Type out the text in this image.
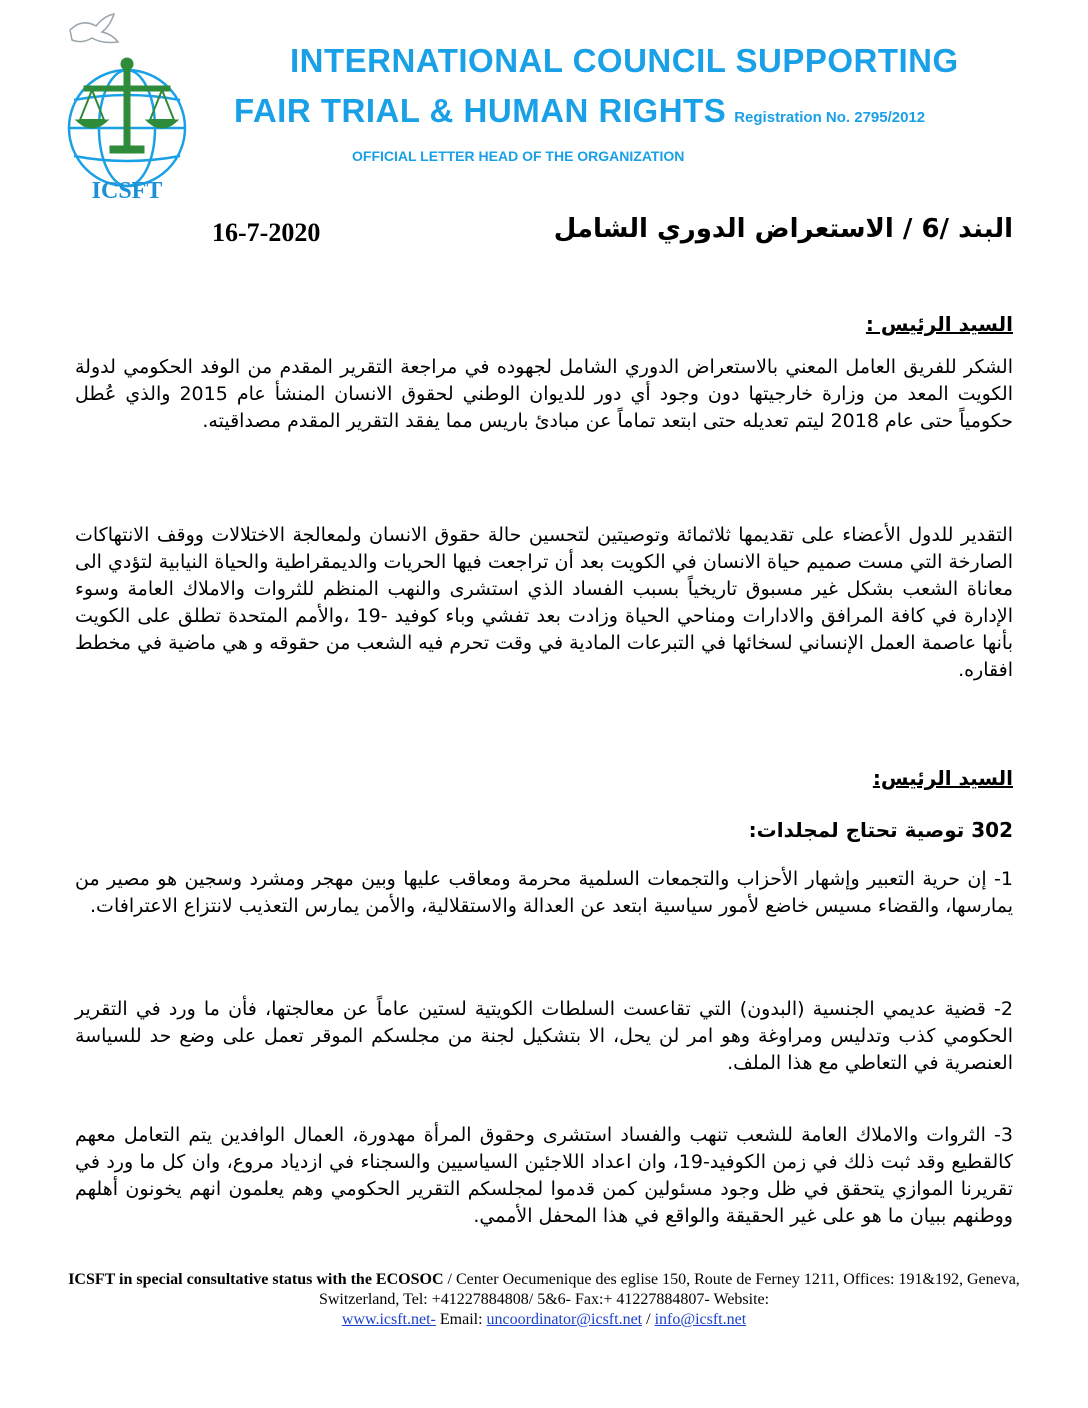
ICSFT
INTERNATIONAL COUNCIL SUPPORTING
FAIR TRIAL & HUMAN RIGHTS Registration No. 2795/2012
OFFICIAL LETTER HEAD OF THE ORGANIZATION
16-7-2020	البند /6 / الاستعراض الدوري الشامل
السيد الرئيس :
الشكر للفريق العامل المعني بالاستعراض الدوري الشامل لجهوده في مراجعة التقرير المقدم من الوفد الحكومي لدولة الكويت المعد من وزارة خارجيتها دون وجود أي دور للديوان الوطني لحقوق الانسان المنشأ عام 2015 والذي عُطل حكومياً حتى عام 2018 ليتم تعديله حتى ابتعد تماماً عن مبادئ باريس مما يفقد التقرير المقدم مصداقيته.
التقدير للدول الأعضاء على تقديمها ثلاثمائة وتوصيتين لتحسين حالة حقوق الانسان ولمعالجة الاختلالات ووقف الانتهاكات الصارخة التي مست صميم حياة الانسان في الكويت بعد أن تراجعت فيها الحريات والديمقراطية والحياة النيابية لتؤدي الى معاناة الشعب بشكل غير مسبوق تاريخياً بسبب الفساد الذي استشرى والنهب المنظم للثروات والاملاك العامة وسوء الإدارة في كافة المرافق والادارات ومناحي الحياة وزادت بعد تفشي وباء كوفيد -19 ،والأمم المتحدة تطلق على الكويت بأنها عاصمة العمل الإنساني لسخائها في التبرعات المادية في وقت تحرم فيه الشعب من حقوقه و هي ماضية في مخطط افقاره.
السيد الرئيس:
302 توصية تحتاج لمجلدات:
1- إن حرية التعبير وإشهار الأحزاب والتجمعات السلمية محرمة ومعاقب عليها وبين مهجر ومشرد وسجين هو مصير من يمارسها، والقضاء مسيس خاضع لأمور سياسية ابتعد عن العدالة والاستقلالية، والأمن يمارس التعذيب لانتزاع الاعترافات.
2- قضية عديمي الجنسية (البدون) التي تقاعست السلطات الكويتية لستين عاماً عن معالجتها، فأن ما ورد في التقرير الحكومي كذب وتدليس ومراوغة وهو امر لن يحل، الا بتشكيل لجنة من مجلسكم الموقر تعمل على وضع حد للسياسة العنصرية في التعاطي مع هذا الملف.
3- الثروات والاملاك العامة للشعب تنهب والفساد استشرى وحقوق المرأة مهدورة، العمال الوافدين يتم التعامل معهم كالقطيع وقد ثبت ذلك في زمن الكوفيد-19، وان اعداد اللاجئين السياسيين والسجناء في ازدياد مروع، وان كل ما ورد في تقريرنا الموازي يتحقق في ظل وجود مسئولين كمن قدموا لمجلسكم التقرير الحكومي وهم يعلمون انهم يخونون أهلهم ووطنهم ببيان ما هو على غير الحقيقة والواقع في هذا المحفل الأممي.
ICSFT in special consultative status with the ECOSOC / Center Oecumenique des eglise 150, Route de Ferney 1211, Offices: 191&192, Geneva, Switzerland, Tel: +41227884808/ 5&6- Fax:+ 41227884807- Website:
www.icsft.net- Email: uncoordinator@icsft.net / info@icsft.net
